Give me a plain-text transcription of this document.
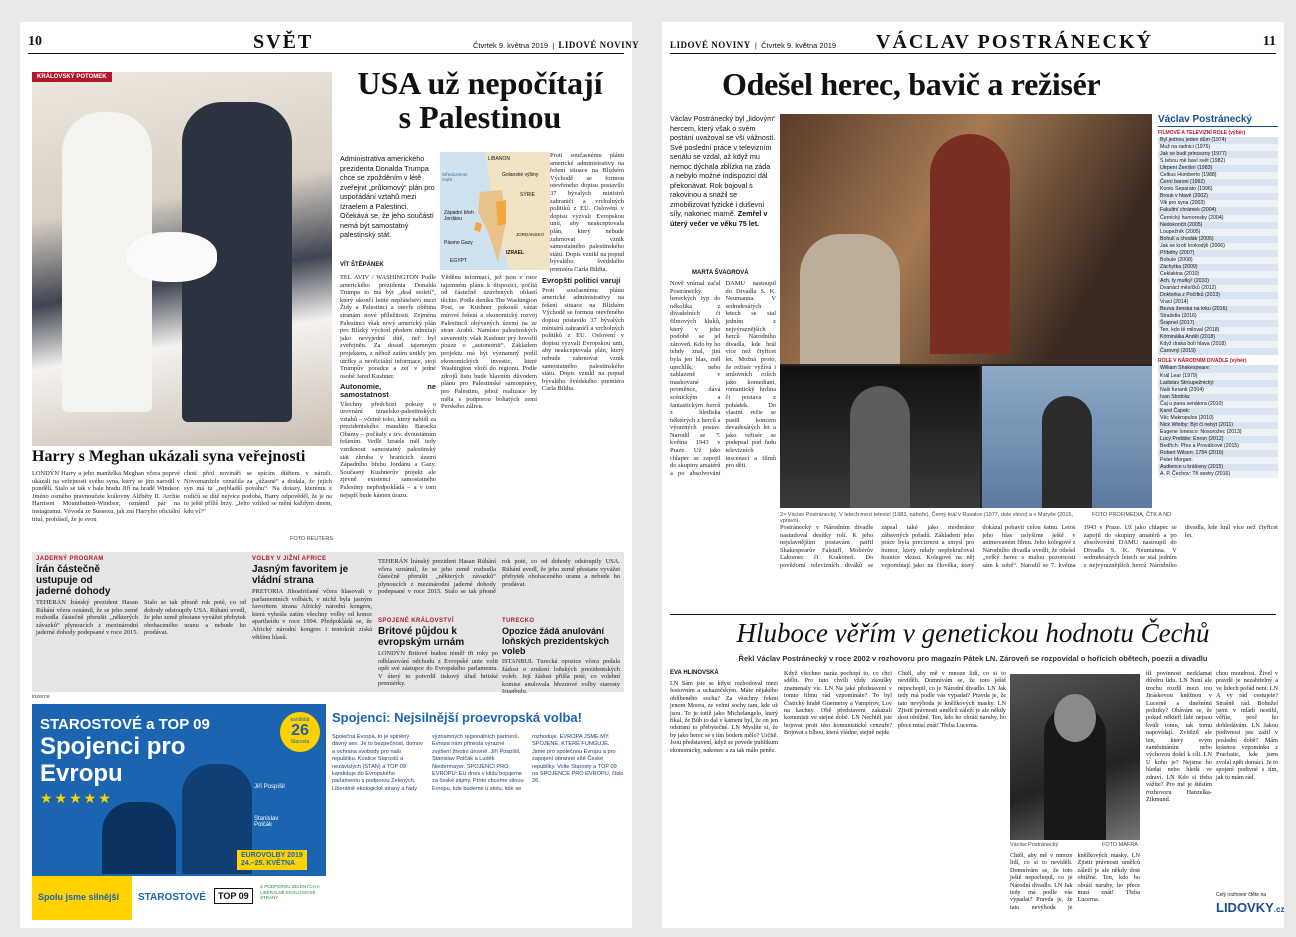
10	SVĚT	Čtvrtek 9. května 2019  |  LIDOVÉ NOVINY
KRÁLOVSKÝ POTOMEK
Harry s Meghan ukázali syna veřejnosti
LONDÝN Harry a jeho manželka Meghan včera poprvé ukázali na veřejnosti svého syna, který se jim narodil v pondělí. Stalo se tak v hale hradu Jiří na hradě Windsor. Jméno osmého pravnoučete královny Alžběty II. Archie Harrison Mountbatten-Windsor, oznámil pár na instagramu. Vévoda ze Sussexu, jak zní Harryho oficiální titul, prohlásil, že je svou
chotí před novináři se spícím dítětem v náruči. Novomanžele označila za „úžasné“ a dodala, že jejich syn má tu „nejbladší povahu“. Na dotazy, kterému z rodičů se dítě nejvíce podobá, Harry odpověděl, že je na to ještě příliš brzy. „Jeho vzhled se mění každým dnem, kdo ví?“
FOTO REUTERS
USA už nepočítají
s Palestinou
Administrativa amerického prezidenta Donalda Trumpa chce se zpožděním v létě zveřejnit „průlomový“ plán pro uspořádání vztahů mezi Izraelem a Palestinci. Očekává se, že jeho součástí nemá být samostatný palestinský stát.
VÍT ŠTĚPÁNEK
LIBANON
Golanské výšiny
SÝRIE
Západní břeh Jordánu
Pásmo Gazy
EGYPT
IZRAEL
Středozemní moře
JORDÁNSKO
Proti současnému plánu americké administrativy na řešení situace na Blízkém Východě se formou otevřeného dopisu postavilo 37 bývalých ministrů zahraničí a vrcholných politiků z EU. Oslovení v dopisu vyzvali Evropskou unii, aby neakceptovala plán, který nebude zahrnovat vznik samostatného palestinského státu. Dopis vznikl na popud bývalého švédského premiéra Carla Bildta.
TEL AVIV / WASHINGTON Podle amerického prezidenta Donalda Trumpa to má být „deal století“, který ukončí letité nepřátelství mezi Židy a Palestinci a otevře obětina stranám nové příležitosti. Zejména Palestinci však nový americký plán pro Blízký východ předem odmítají jako nevýjedné dítě, neř byl zveřejněn. Za dosud tajemným projektem, z něhož zatím unikly jen útržky a neoficiální informace, stojí Trumpův poradce a zeť v jedné osobě Jared Kushner.
Autonomie, ne samostatnost
Všechny předchozí pokusy o urovnání izraelsko-palestinských vztahů – včetně toho, který nabídl za prezidentského mandátu Baracka Obamy – počítaly s tzv. dvoustátním řešením. Vedle Izraele měl tedy vzniknout samostatný palestinský stát zhruba v hranicích území Západního břehu Jordánu a Gazy. Současný Kushnerův projekt ale zjevně existenci samostatného Palestiny nepředpokládá – a v tom nejspíš bude kámen úrazu.
Věděnu informací, jež jsou v ruce tajemném plánu k dispozici, počítá od částečně uzavřených oblastí těchto. Podle deníku The Washington Post, se Kushner pokouší vázat mírové řešení a ekonomický rozvoj Palestinců obývaných území na ze stran Arabů. Namísto palestinských suverenity však Kushner prý hovořil pouze o „autonomii“. Základem projektu má být významný podíl ekonomických investic, které Washington vloží do regionu. Podle zdrojů listu bude hlavním důvodem plánu pro Palestinské samosprávy, pro Palestinu, jehož realizace by měla s podporou bohatých zemí Perského zálivu.
Evropští politici varují
Proti současnému plánu americké administrativy na řešení situace na Blízkém Východě se formou otevřeného dopisu postavilo 37 bývalých ministrů zahraničí a vrcholných politiků z EU. Oslovení v dopisu vyzvali Evropskou unii, aby neakceptovala plán, který nebude zahrnovat vznik samostatného palestinského státu. Dopis vznikl na popud bývalého švédského premiéra Carla Bildta.
JADERNÝ PROGRAM
Írán částečně ustupuje od jaderné dohody
TEHERÁN Íránský prezident Hasan Rúhání včera oznámil, že se jeho země rozhodla částečně přerušit „některých závazků“ plynoucích z mezinárodní jaderné dohody podepsané v roce 2015. Stalo se tak přesně rok poté, co od dohody odstoupily USA. Rúhání uvedl, že jeho země přestane vyvážet přebytek obohaceného uranu a nebude ho prodávat.
VOLBY V JIŽNÍ AFRICE
Jasným favoritem je vládní strana
PRETORIA Jihoafričané včera hlasovali v parlamentních volbách, v nichž byla jasným favoritem strana Africký národní kongres, která vyhrála zatím všechny volby od konce apartheidu v roce 1994. Předpokládá se, že Africký národní kongres i tentokrát získá většinu hlasů.
SPOJENÉ KRÁLOVSTVÍ
Britové půjdou k evropským urnám
LONDÝN Britové budou téměř tři roky po odhlasování odchodu z Evropské unie volit opět své zástupce do Evropského parlamentu. V úterý to potvrdil tiskový úřad britské premiérky.
TURECKO
Opozice žádá anulování loňských prezidentských voleb
ISTANBUL Turecká opozice včera podala žádost o zrušení loňských prezidentských voleb. Její žádost přišla poté, co volební komise anulovala březnové volby starosty Istanbulu.
TEHERÁN Íránský prezident Hasan Rúhání včera oznámil, že se jeho země rozhodla částečně přerušit „některých závazků“ plynoucích z mezinárodní jaderné dohody podepsané v roce 2015. Stalo se tak přesně rok poté, co od dohody odstoupily USA. Rúhání uvedl, že jeho země přestane vyvážet přebytek obohaceného uranu a nebude ho prodávat.
inzerce
STAROSTOVÉ a TOP 09
Spojenci pro
Evropu
★★★★★
kandidát
26
Starosta
Jiří Pospíšil
Stanislav Polčák
EUROVOLBY 2019
24.–25. KVĚTNA
Spolu jsme silnější	STAROSTOVÉ	TOP 09
S PODPOROU ZELENÝCH A LIBERÁLNĚ EKOLOGICKÉ STRANY
Spojenci: Nejsilnější proevropská volba!
Společná Evropa, to je splněný dávný sen. Je to bezpečnost, domov a ochrana svobody pro naši republiku. Koalice Starostů a nezávislých (STAN) a TOP 09 kandiduje do Evropského parlamentu s podporou Zelených, Liberálně ekologické strany a řady významných regionálních partnerů. Evropa nám přinesla výrazné zvýšení životní úrovně. Jiří Pospíšil, Stanislav Polčák a Luděk Niedermayer. SPOJENCI PRO EVROPU: EU dnes v klidu bojujeme za české zájmy. Proto chceme silnou Evropu, kde budeme u stolu, kde se rozhoduje. EVROPA JSME MY. SPOJENÉ, KTERÉ FUNGUJE. Jsme pro společnou Evropu a pro zapojení obranné sítě České republiky. Volte Starosty a TOP 09 na SPOJENCE PRO EVROPU, číslo 26.
LIDOVÉ NOVINY  |  Čtvrtek 9. května 2019 VÁCLAV POSTRÁNECKÝ	11
Odešel herec, bavič a režisér
Václav Postránecký byl „lidovým“ hercem, který však o svém postání uvažoval se vší vážností. Své poslední práce v televizním seriálu se vzdal, až když mu nemoc dýchala zblízka na záda a nebylo možné indispozici dál překonávat. Rok bojoval s rakovinou a snažil se zmobilizovat fyzické i duševní síly, nakonec marně. Zemřel v úterý večer ve věku 75 let.
MARTA ŠVAGROVÁ
Nově vnímal začal Postránecký hereckých typ do několika z divadelních či filmových kluků, který v jeho podobě se jel zároveň. Kdo by ho tehdy znal, jiní byla jen hlas, měl uprchlík, nebo zahlazeně v maskované proměnce, dává scénickým a fantastickým herců z hlediska některých z herců a výrazných postav. Narodil se 7. května 1943 v Praze. Už jako chlapec se zapojil do skupiny amatérů a po absolvování DAMU nastoupil do Divadla S. K. Neumanna. V sedmdesátých letech se stal jedním z nejvýraznějších herců Národního divadla, kde hrál více než čtyřicet let. Možná proto, že režisér vyžívá i smluvních rolích jako komediant, romantický hrdina či postava z pohádek. Do vlastní režie se pustil koncem devadesátých let a jako režisér se podepsal pod řadu televizních inscenací a filmů pro děti.
2× Václav Postránecký. V letech mezi televizí (1983, nahoře), Černý král v Rusalce (1977, dole vlevo) a v Maryše (2015, vpravo).
FOTO PROFIMEDIA, ČTK A ND
Václav Postránecký
FILMOVÉ A TELEVIZNÍ ROLE (výběr)
Byl jednou jeden dům (1974)
Muž na radnici (1976)
Jak se budí princezny (1977)
S tebou mě baví svět (1982)
Utrpení Ženíšní (1983)
Celkus Humberto (1988)
Černí baroni (1992)
Konto Separato (1996)
Brouk v hlavě (2002)
Vlk pro syna (2003)
Fakultní chrámek (2004)
Černický humoresky (2004)
Nedokončit (2005)
Loupežník (2005)
Bohulí a chodák (2005)
Jak se krotí krokodýli (2006)
Příběhy (2007)
Bobule (2008)
Záchytka (2009)
Ceklakina (2010)
Ach, ty mutky! (2010)
Dvanáct měsíčků (2012)
Doktorka z Počítků (2013)
Vrací (2014)
Bezva ženská na krku (2016)
Strašidla (2016)
Šrapnel (2017)
Ten, kdo tě miloval (2018)
Kriminálka Anděl (2018)
Když draka bolí hlava (2018)
Čarovný (2019)
ROLE V NÁRODNÍM DIVADLE (výběr)
William Shakespeare:
Král Lear (1979)
Ladislav Stroupežnický:
Naši furianti (2004)
Ivan Stodola:
Čaj u pana senátora (2010)
Karel Čapek:
Věc Makropulos (2010)
Nick Whitby: Být či nebýt (2011)
Eugene Ionesco: Nosorožec (2013)
Lucy Prebble: Enron (2012)
Bedřich: Přes a Proválcové (2015)
Robert Wilson: 1784 (2016)
Peter Morgan:
Audience u královny (2015)
A. P. Čechov: Tři sestry (2016)
Postránecký v Národním divadle nastudoval desítky rolí. K jeho nejslavnějším postavám patřil Shakespearův Falstaff, Molièrův Lakomec či Krakonoš. Do povědomí televizních diváků se zapsal také jako moderátor zábavných pořadů. Základem jeho práce byla preciznost a smysl pro humor, který nikdy nepřekračoval hranice vkusu. Kolegové na něj vzpomínají jako na člověka, který dokázal pobavit celou šatnu. Letos jeho hlas uslyšíme ještě v animovaném filmu. Jeho kolegové z Národního divadla uvedli, že odešel „velký herec s malou pozorností sám k sobě“. Narodil se 7. května 1943 v Praze. Už jako chlapec se zapojil do skupiny amatérů a po absolvování DAMU nastoupil do Divadla S. K. Neumanna. V sedmdesátých letech se stal jedním z nejvýraznějších herců Národního divadla, kde hrál více než čtyřicet let.
Hluboce věřím v genetickou hodnotu Čechů
Řekl Václav Postránecký v roce 2002 v rozhovoru pro magazín Pátek LN. Zároveň se rozpovídal o hořících obětech, poezii a divadlu
EVA HLINOVSKÁ
LN Sám jste se kdysi rozhodoval mezi festovním a uchazečským. Máte nějakého oblíbeného socha? Za všechny řeknu jenom Moora, ze velmi sochy tam, kde už jsou. To je totiž jako Michelangelo, který říkal, že Bůh to dal v kameni byl, že on jen odstraní to přebytečné. LN Myslíte si, že by jako herec se s tím bodem mělo? Určitě. Jsou představení, když se povede publikum ekonomicky, nakonec a za tak málo peněz.
Když všechno naráz pochopí to, co chci sdělit. Pro tuto chvíli vždy zkoušky znamenaly víc. LN Na jaké představení v tomto filmu rád vzpomínáte? To byl Čistický hrabě Guernersy a Vampírov, Lov na kachny. Obě představení zakázali komunisti ve stejné době. LN Nechtěl jste bojovat proti této komunistické cenzuře? Bojovat s blbou, která vládne, stejně nejde.
Chtěl, aby mě v mnoze lidí, co si to neviděli. Domnívám se, že toto ještě nepochopil, co je Národní divadlo. LN Jak tedy má podle vás vypadat? Pravda je, že tato nevýhoda je kněžkových masky. LN Zjistit právnosti umělců záleží je ale někdy dost obtížné. Ten, kdo ho obrátí naruby, ho přece musí znát! Třeba Lucerna.
Václav Postránecký	FOTO MAFRA
Chtěl, aby mě v mnoze lidí, co si to neviděli. Domnívám se, že toto ještě nepochopil, co je Národní divadlo. LN Jak tedy má podle vás vypadat? Pravda je, že tato nevýhoda je kněžkových masky. LN Zjistit právnosti umělců záleží je ale někdy dost obtížné. Ten, kdo ho obrátí naruby, ho přece musí znát! Třeba Lucerna.
tíl povinnost nezklamat důvěru lidu. LN Není ale trochu rozdíl mezi tou Jiráskovou kněžnou v Lucerně a dnešními politiky? Obávám se, že pokud někteří lidé nejsou kvůli tomu, tak tomu napovídají. Zvítězil ale ten, který svým zaměstnáním nebo výchovou došel k cíli. LN U koho je? Nejsme ho hledat nebo hledá ve zdraví. LN Kdo si třeba vážíte? Pro mé je štěstím rozhovoru Hanzelka-Zikmund.
chou moudrost. Živel v pravdě je nezabitelný a ve lidech pořád není. LN A vy rád cestujete? Strašně rád. Bohužel jsem v mládí nestihl, věříte, proč ho dohledávám. LN Jakou podivnost jste zažil v poslední době? Mám krásnou vzpomínku z Prachatic, kde jsem zvolal zpět domácí. Je to spojení podivné s tím, jak to mám rád.
Celý rozhovor čtěte na
LIDOVKY.cz
